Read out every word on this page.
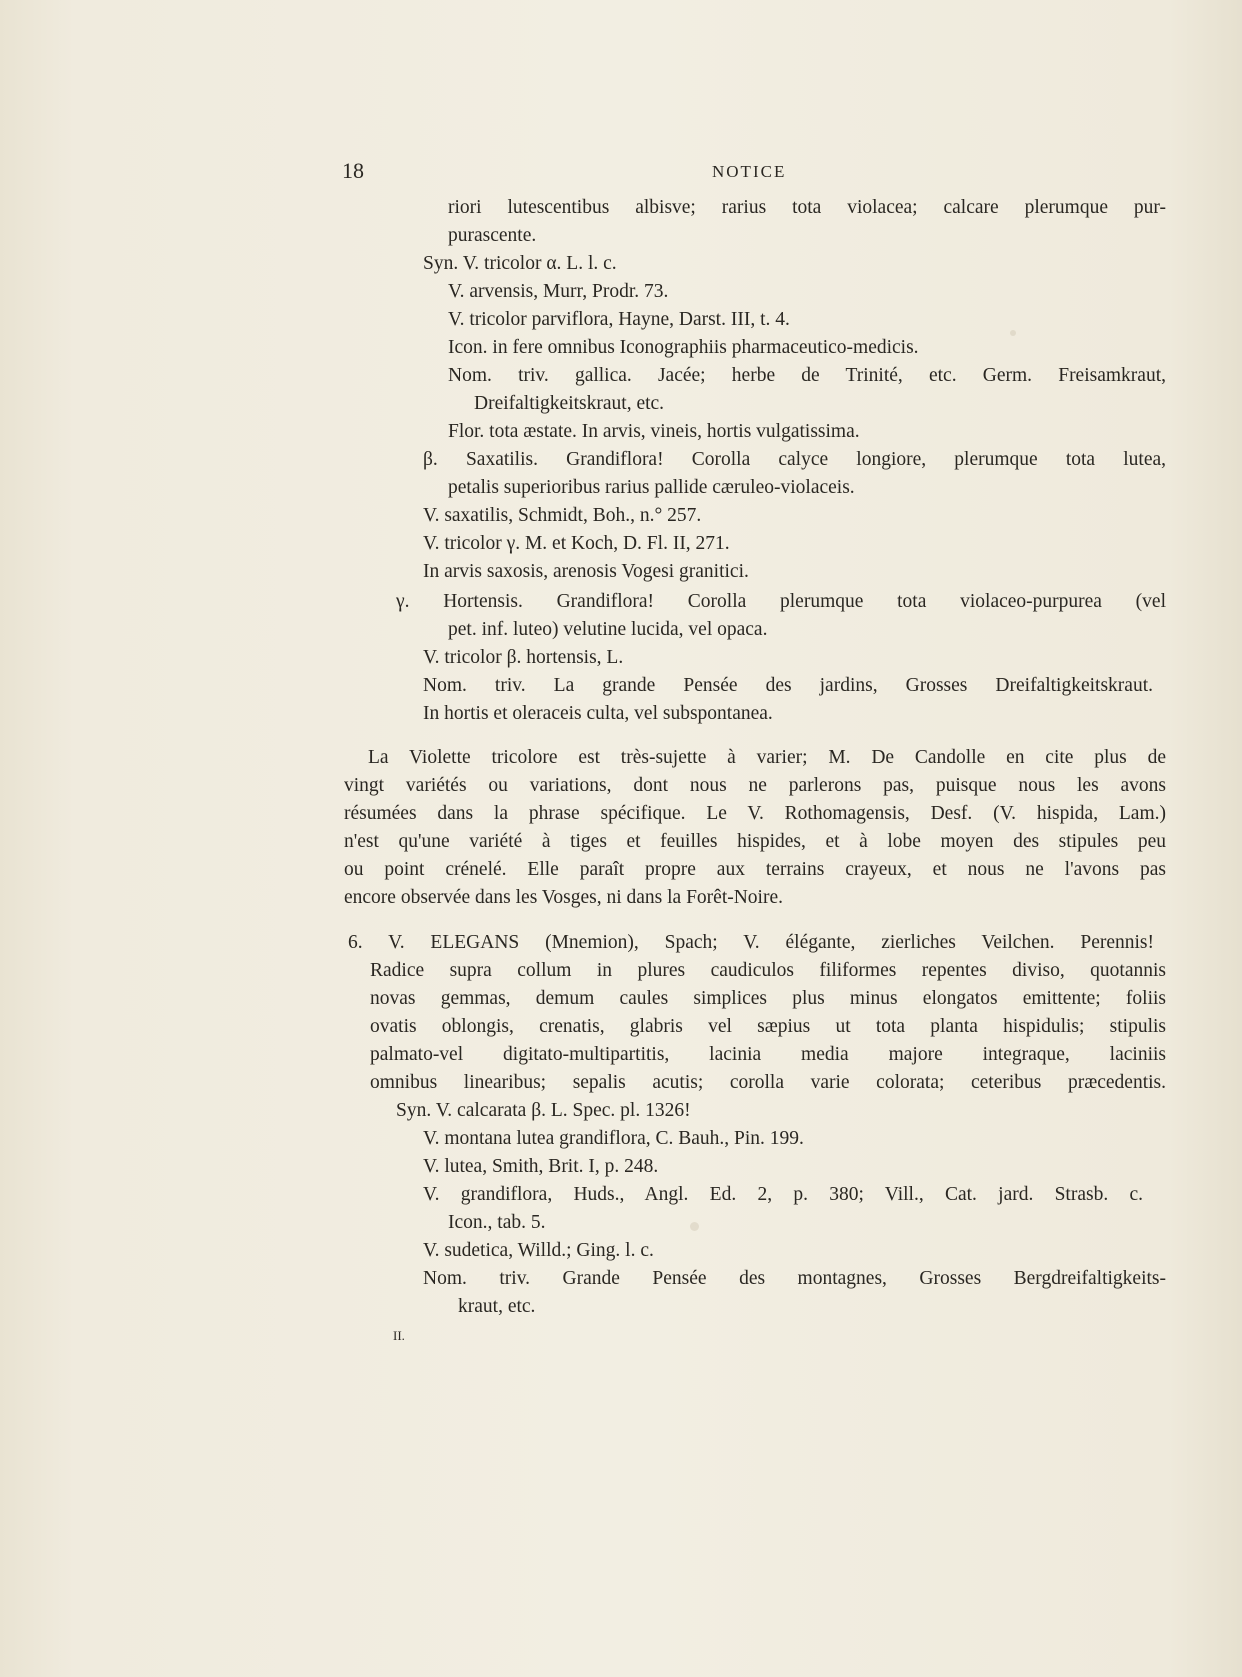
18	NOTICE
riori lutescentibus albisve; rarius tota violacea; calcare plerumque pur-
purascente.
Syn. V. tricolor α. L. l. c.
V. arvensis, Murr, Prodr. 73.
V. tricolor parviflora, Hayne, Darst. III, t. 4.
Icon. in fere omnibus Iconographiis pharmaceutico-medicis.
Nom. triv. gallica. Jacée; herbe de Trinité, etc. Germ. Freisamkraut,
Dreifaltigkeitskraut, etc.
Flor. tota æstate. In arvis, vineis, hortis vulgatissima.
β. Saxatilis. Grandiflora! Corolla calyce longiore, plerumque tota lutea,
petalis superioribus rarius pallide cæruleo-violaceis.
V. saxatilis, Schmidt, Boh., n.° 257.
V. tricolor γ. M. et Koch, D. Fl. II, 271.
In arvis saxosis, arenosis Vogesi granitici.
γ. Hortensis. Grandiflora! Corolla plerumque tota violaceo-purpurea (vel
pet. inf. luteo) velutine lucida, vel opaca.
V. tricolor β. hortensis, L.
Nom. triv. La grande Pensée des jardins, Grosses Dreifaltigkeitskraut.
In hortis et oleraceis culta, vel subspontanea.
La Violette tricolore est très-sujette à varier; M. De Candolle en cite plus de
vingt variétés ou variations, dont nous ne parlerons pas, puisque nous les avons
résumées dans la phrase spécifique. Le V. Rothomagensis, Desf. (V. hispida, Lam.)
n'est qu'une variété à tiges et feuilles hispides, et à lobe moyen des stipules peu
ou point crénelé. Elle paraît propre aux terrains crayeux, et nous ne l'avons pas
encore observée dans les Vosges, ni dans la Forêt-Noire.
6. V. ELEGANS (Mnemion), Spach; V. élégante, zierliches Veilchen. Perennis!
Radice supra collum in plures caudiculos filiformes repentes diviso, quotannis
novas gemmas, demum caules simplices plus minus elongatos emittente; foliis
ovatis oblongis, crenatis, glabris vel sæpius ut tota planta hispidulis; stipulis
palmato-vel digitato-multipartitis, lacinia media majore integraque, laciniis
omnibus linearibus; sepalis acutis; corolla varie colorata; ceteribus præcedentis.
Syn. V. calcarata β. L. Spec. pl. 1326!
V. montana lutea grandiflora, C. Bauh., Pin. 199.
V. lutea, Smith, Brit. I, p. 248.
V. grandiflora, Huds., Angl. Ed. 2, p. 380; Vill., Cat. jard. Strasb. c.
Icon., tab. 5.
V. sudetica, Willd.; Ging. l. c.
Nom. triv. Grande Pensée des montagnes, Grosses Bergdreifaltigkeits-
kraut, etc.
II.
